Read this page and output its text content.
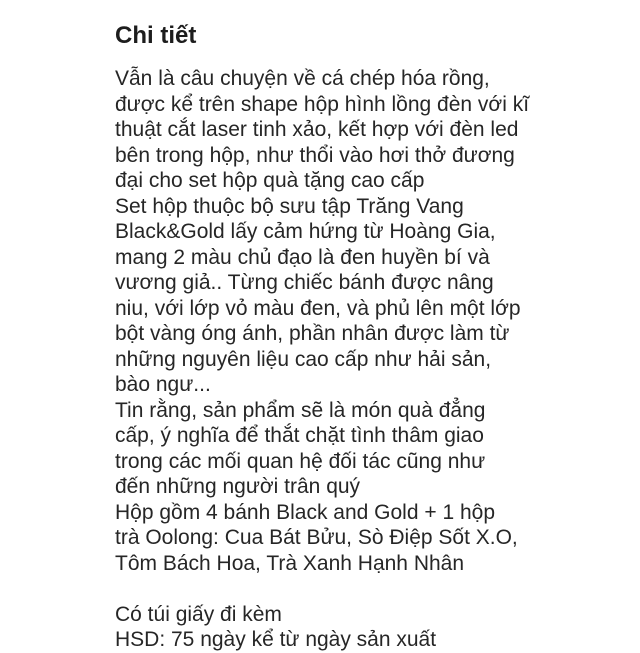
Chi tiết
Vẫn là câu chuyện về cá chép hóa rồng,
được kể trên shape hộp hình lồng đèn với kĩ
thuật cắt laser tinh xảo, kết hợp với đèn led
bên trong hộp, như thổi vào hơi thở đương
đại cho set hộp quà tặng cao cấp
Set hộp thuộc bộ sưu tập Trăng Vang
Black&Gold lấy cảm hứng từ Hoàng Gia,
mang 2 màu chủ đạo là đen huyền bí và
vương giả.. Từng chiếc bánh được nâng
niu, với lớp vỏ màu đen, và phủ lên một lớp
bột vàng óng ánh, phần nhân được làm từ
những nguyên liệu cao cấp như hải sản,
bào ngư...
Tin rằng, sản phẩm sẽ là món quà đẳng
cấp, ý nghĩa để thắt chặt tình thâm giao
trong các mối quan hệ đối tác cũng như
đến những người trân quý
Hộp gồm 4 bánh Black and Gold + 1 hộp
trà Oolong: Cua Bát Bửu, Sò Điệp Sốt X.O,
Tôm Bách Hoa, Trà Xanh Hạnh Nhân
Có túi giấy đi kèm
HSD: 75 ngày kể từ ngày sản xuất
